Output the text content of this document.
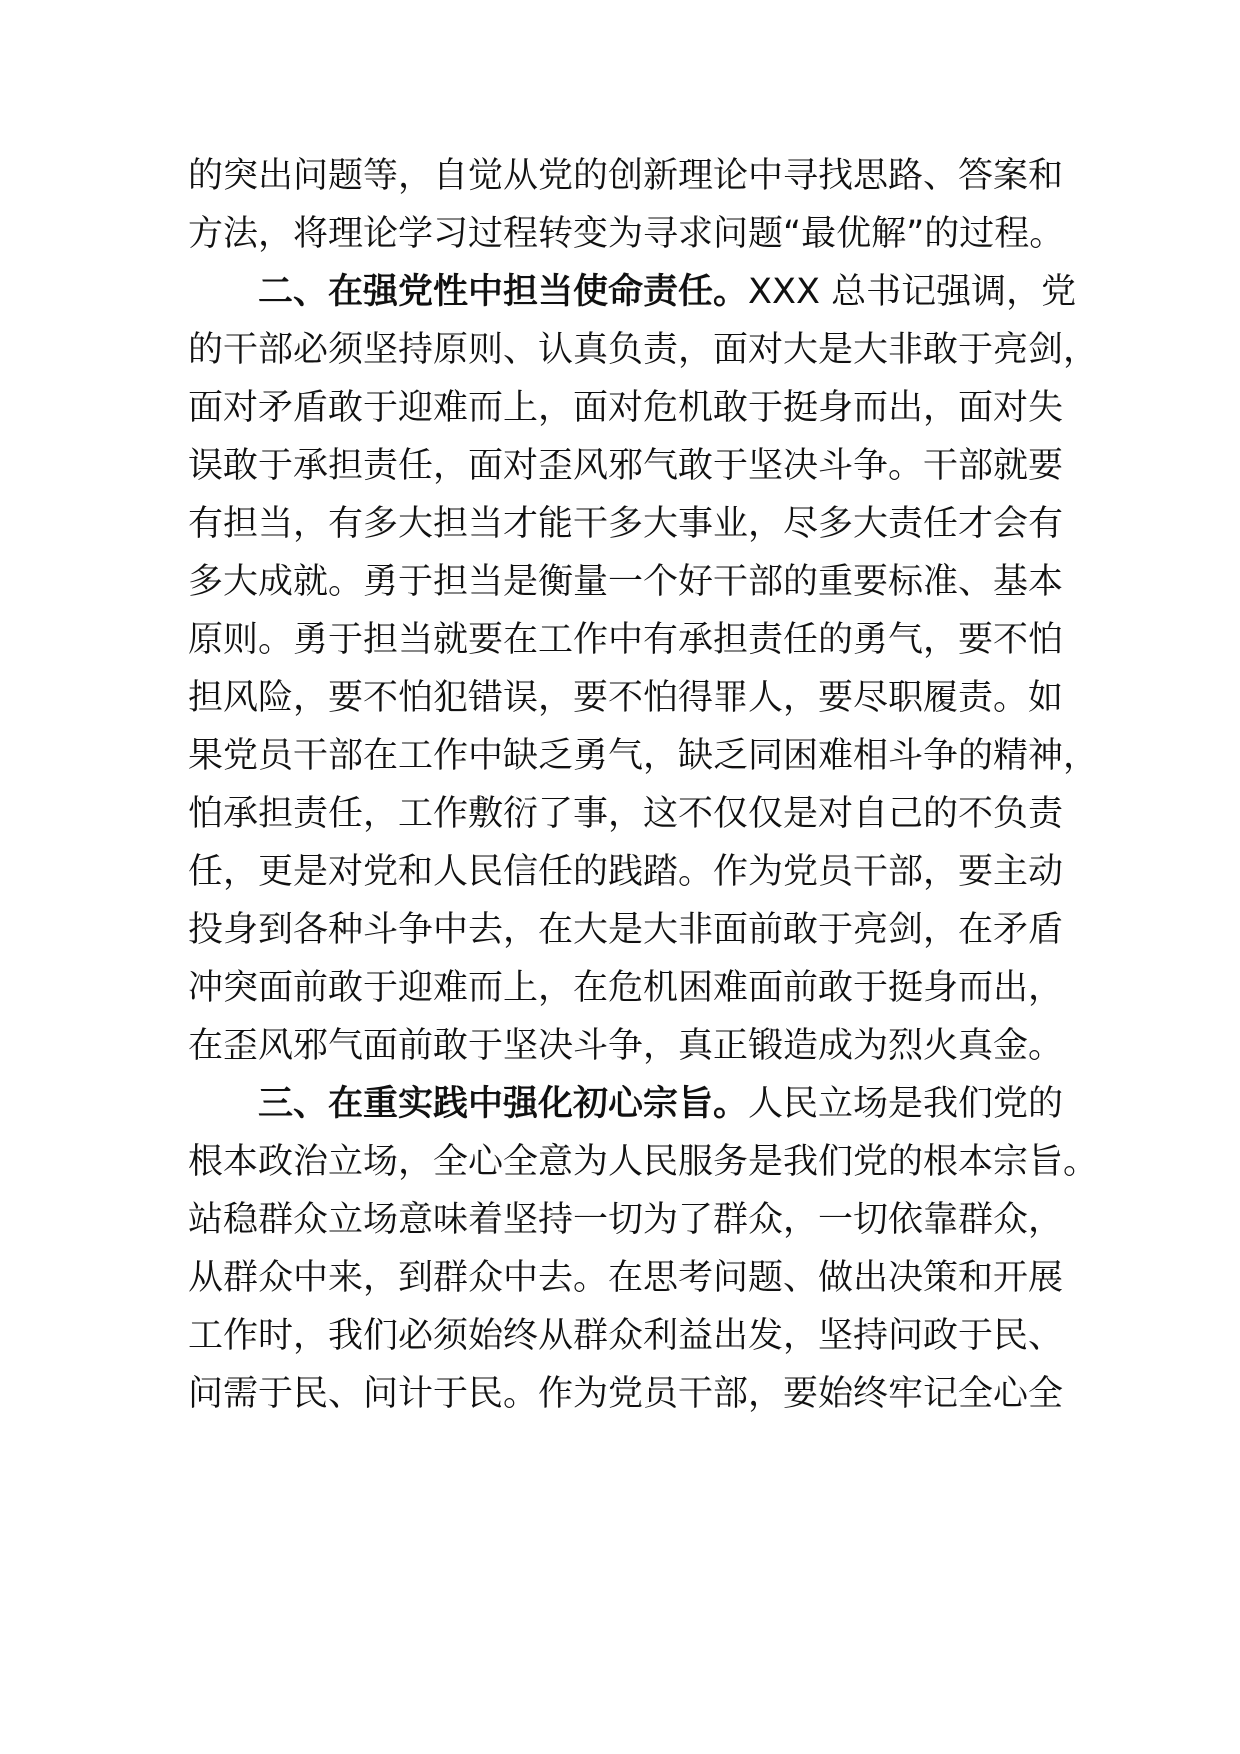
的突出问题等，自觉从党的创新理论中寻找思路、答案和
方法，将理论学习过程转变为寻求问题“最优解”的过程。
二、在强党性中担当使命责任。XXX 总书记强调，党
的干部必须坚持原则、认真负责，面对大是大非敢于亮剑，
面对矛盾敢于迎难而上，面对危机敢于挺身而出，面对失
误敢于承担责任，面对歪风邪气敢于坚决斗争。干部就要
有担当，有多大担当才能干多大事业，尽多大责任才会有
多大成就。勇于担当是衡量一个好干部的重要标准、基本
原则。勇于担当就要在工作中有承担责任的勇气，要不怕
担风险，要不怕犯错误，要不怕得罪人，要尽职履责。如
果党员干部在工作中缺乏勇气，缺乏同困难相斗争的精神，
怕承担责任，工作敷衍了事，这不仅仅是对自己的不负责
任，更是对党和人民信任的践踏。作为党员干部，要主动
投身到各种斗争中去，在大是大非面前敢于亮剑，在矛盾
冲突面前敢于迎难而上，在危机困难面前敢于挺身而出，
在歪风邪气面前敢于坚决斗争，真正锻造成为烈火真金。
三、在重实践中强化初心宗旨。人民立场是我们党的
根本政治立场，全心全意为人民服务是我们党的根本宗旨。
站稳群众立场意味着坚持一切为了群众，一切依靠群众，
从群众中来，到群众中去。在思考问题、做出决策和开展
工作时，我们必须始终从群众利益出发，坚持问政于民、
问需于民、问计于民。作为党员干部，要始终牢记全心全
